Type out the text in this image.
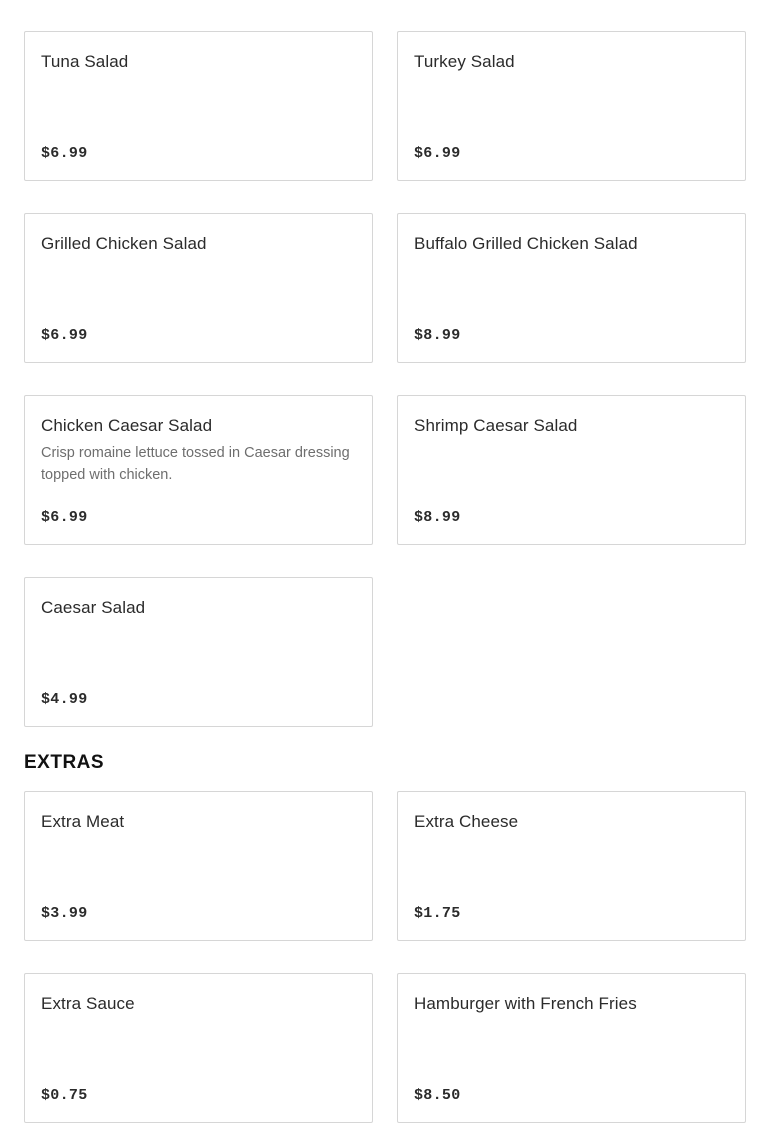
Tuna Salad
$6.99
Turkey Salad
$6.99
Grilled Chicken Salad
$6.99
Buffalo Grilled Chicken Salad
$8.99
Chicken Caesar Salad
Crisp romaine lettuce tossed in Caesar dressing topped with chicken.
$6.99
Shrimp Caesar Salad
$8.99
Caesar Salad
$4.99
EXTRAS
Extra Meat
$3.99
Extra Cheese
$1.75
Extra Sauce
$0.75
Hamburger with French Fries
$8.50
